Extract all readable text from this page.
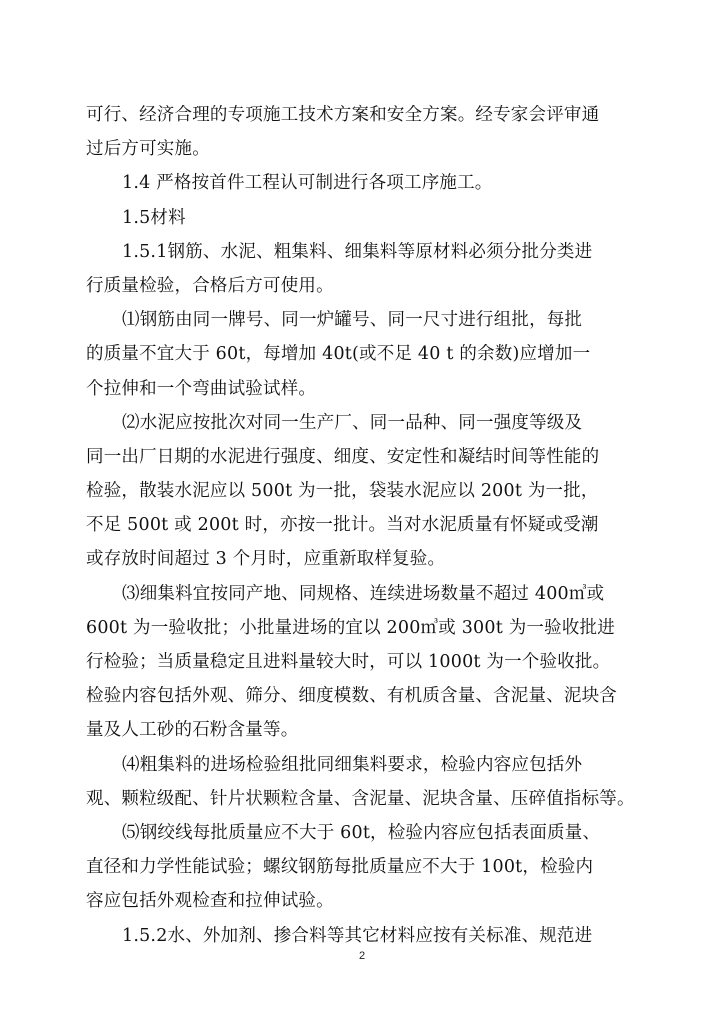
可行、经济合理的专项施工技术方案和安全方案。经专家会评审通
过后方可实施。
1.4 严格按首件工程认可制进行各项工序施工。
1.5材料
1.5.1钢筋、水泥、粗集料、细集料等原材料必须分批分类进
行质量检验，合格后方可使用。
⑴钢筋由同一牌号、同一炉罐号、同一尺寸进行组批，每批
的质量不宜大于 60t，每增加 40t(或不足 40 t 的余数)应增加一
个拉伸和一个弯曲试验试样。
⑵水泥应按批次对同一生产厂、同一品种、同一强度等级及
同一出厂日期的水泥进行强度、细度、安定性和凝结时间等性能的
检验，散装水泥应以 500t 为一批，袋装水泥应以 200t 为一批，
不足 500t 或 200t 时，亦按一批计。当对水泥质量有怀疑或受潮
或存放时间超过 3 个月时，应重新取样复验。
⑶细集料宜按同产地、同规格、连续进场数量不超过 400㎥或
600t 为一验收批；小批量进场的宜以 200㎥或 300t 为一验收批进
行检验；当质量稳定且进料量较大时，可以 1000t 为一个验收批。
检验内容包括外观、筛分、细度模数、有机质含量、含泥量、泥块含
量及人工砂的石粉含量等。
⑷粗集料的进场检验组批同细集料要求，检验内容应包括外
观、颗粒级配、针片状颗粒含量、含泥量、泥块含量、压碎值指标等。
⑸钢绞线每批质量应不大于 60t，检验内容应包括表面质量、
直径和力学性能试验；螺纹钢筋每批质量应不大于 100t，检验内
容应包括外观检查和拉伸试验。
1.5.2水、外加剂、掺合料等其它材料应按有关标准、规范进
2
